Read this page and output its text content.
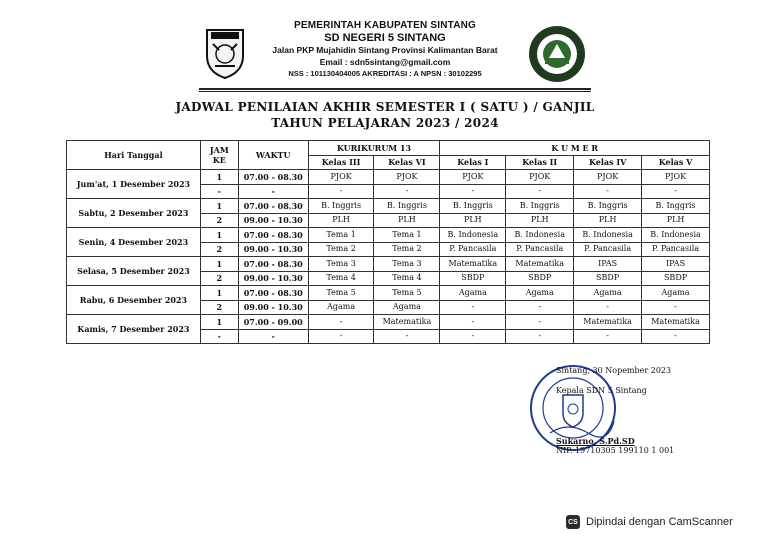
PEMERINTAH KABUPATEN SINTANG
SD NEGERI 5 SINTANG
Jalan PKP Mujahidin Sintang Provinsi Kalimantan Barat
Email : sdn5sintang@gmail.com
NSS : 101130404005 AKREDITASI : A NPSN : 30102295
JADWAL PENILAIAN AKHIR SEMESTER I ( SATU ) / GANJIL
TAHUN PELAJARAN 2023 / 2024
Hari Tanggal	JAM KE	WAKTU	KURIKURUM 13		K U M E R			
			Kelas III	Kelas VI	Kelas I	Kelas II	Kelas IV	Kelas V
Jum'at, 1 Desember 2023	1	07.00 - 08.30	PJOK	PJOK	PJOK	PJOK	PJOK	PJOK
	-	-	-	-	-	-	-	-
Sabtu, 2 Desember 2023	1	07.00 - 08.30	B. Inggris	B. Inggris	B. Inggris	B. Inggris	B. Inggris	B. Inggris
	2	09.00 - 10.30	PLH	PLH	PLH	PLH	PLH	PLH
Senin, 4 Desember 2023	1	07.00 - 08.30	Tema 1	Tema 1	B. Indonesia	B. Indonesia	B. Indonesia	B. Indonesia
	2	09.00 - 10.30	Tema 2	Tema 2	P. Pancasila	P. Pancasila	P. Pancasila	P. Pancasila
Selasa, 5 Desember 2023	1	07.00 - 08.30	Tema 3	Tema 3	Matematika	Matematika	IPAS	IPAS
	2	09.00 - 10.30	Tema 4	Tema 4	SBDP	SBDP	SBDP	SBDP
Rabu, 6 Desember 2023	1	07.00 - 08.30	Tema 5	Tema 5	Agama	Agama	Agama	Agama
	2	09.00 - 10.30	Agama	Agama	-	-	-	-
Kamis, 7 Desember 2023	1	07.00 - 09.00	-	Matematika	-	-	Matematika	Matematika
	-	-	-	-	-	-	-	-
Sintang, 30 Nopember 2023
Kepala SDN 5 Sintang
Sukarno, S.Pd.SD
NIP. 19710305 199110 1 001
CS Dipindai dengan CamScanner
